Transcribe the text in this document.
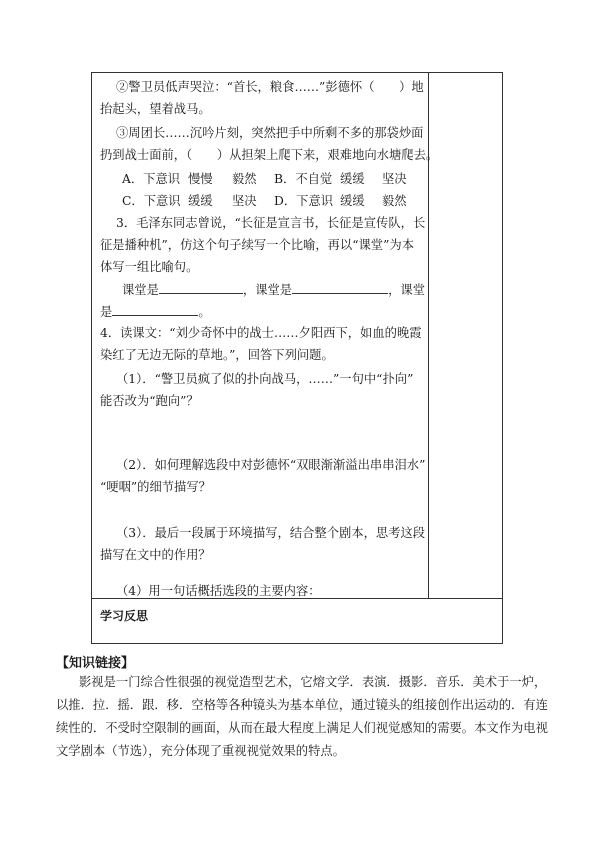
②警卫员低声哭泣：“首长，粮食……”彭德怀（　　）地
抬起头，望着战马。
③周团长……沉吟片刻，突然把手中所剩不多的那袋炒面
扔到战士面前，（　　）从担架上爬下来，艰难地向水塘爬去。
A．下意识 慢慢 毅然 B．不自觉 缓缓 坚决
C．下意识 缓缓 坚决 D．下意识 缓缓 毅然
3．毛泽东同志曾说，“长征是宣言书，长征是宣传队，长
征是播种机”，仿这个句子续写一个比喻，再以“课堂”为本
体写一组比喻句。
课堂是	，课堂是	，课堂
是	。
4．读课文：“刘少奇怀中的战士……夕阳西下，如血的晚霞
染红了无边无际的草地。”，回答下列问题。
（1）．“警卫员疯了似的扑向战马，……”一句中“扑向”
能否改为“跑向”？
（2）．如何理解选段中对彭德怀“双眼渐渐溢出串串泪水”
“哽咽”的细节描写？
（3）．最后一段属于环境描写，结合整个剧本，思考这段
描写在文中的作用？
（4）用一句话概括选段的主要内容：
学习反思
【知识链接】
影视是一门综合性很强的视觉造型艺术，它熔文学．表演．摄影．音乐．美术于一炉，
以推．拉．摇．跟．移．空格等各种镜头为基本单位，通过镜头的组接创作出运动的．有连
续性的．不受时空限制的画面，从而在最大程度上满足人们视觉感知的需要。本文作为电视
文学剧本（节选），充分体现了重视视觉效果的特点。
